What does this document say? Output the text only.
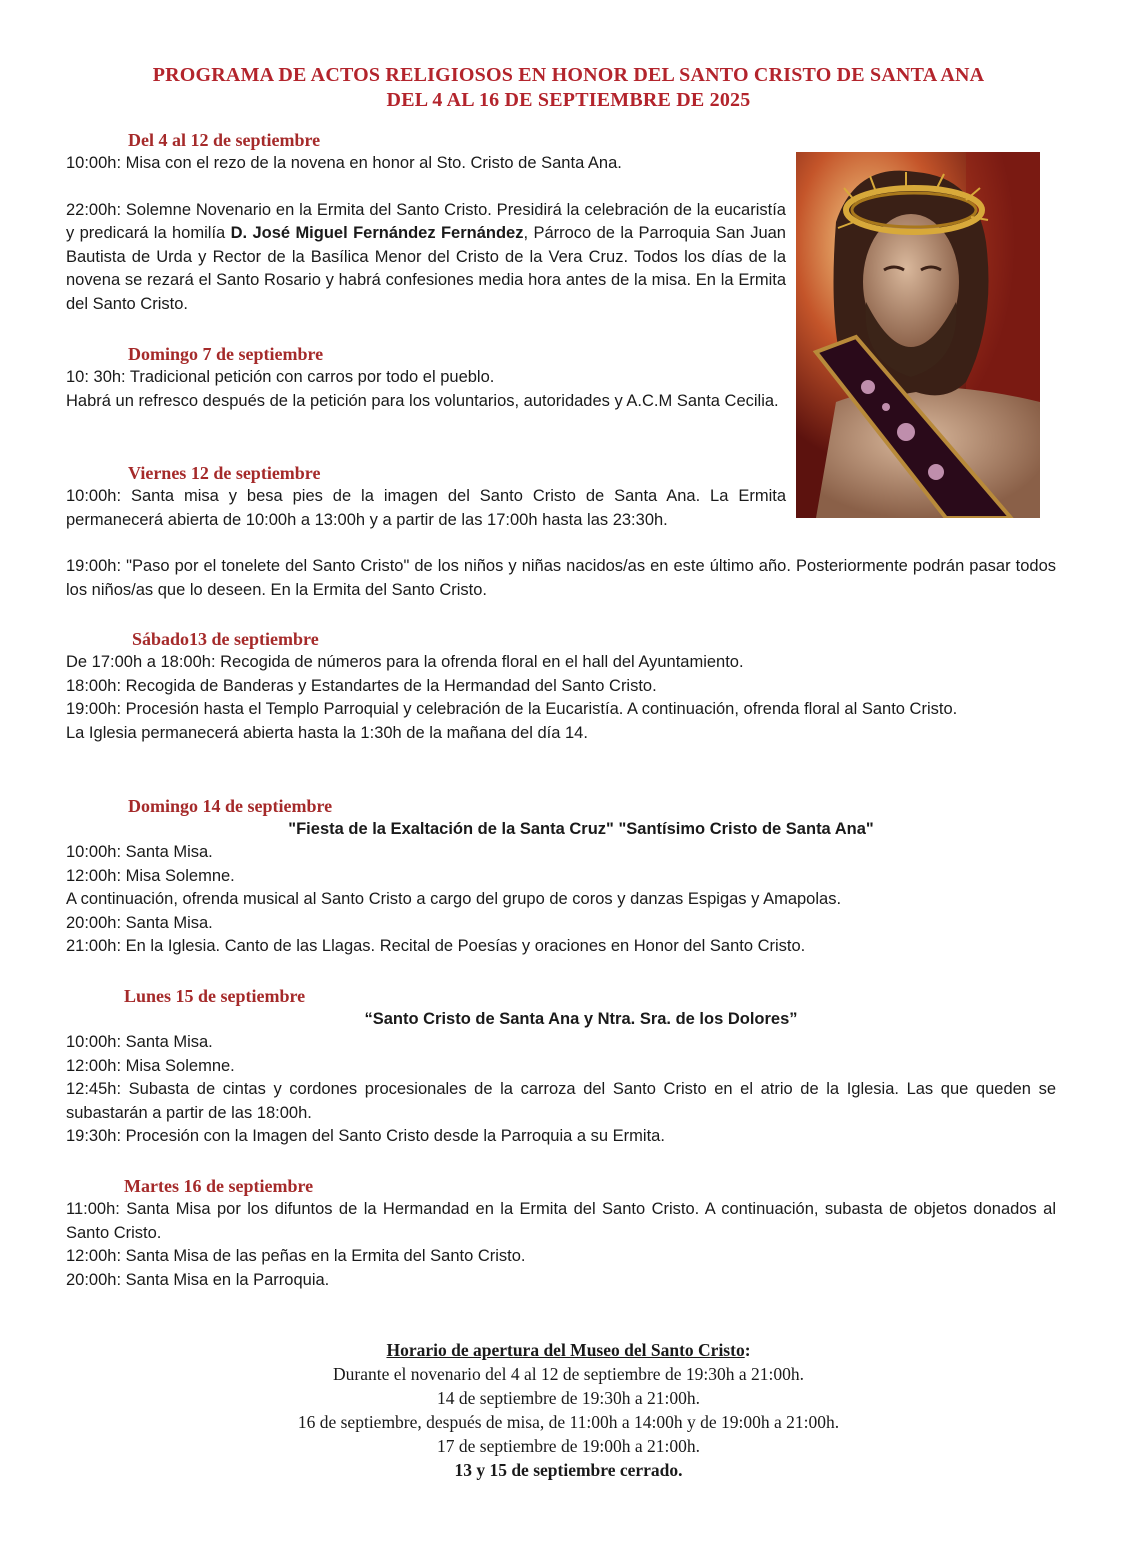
PROGRAMA DE ACTOS RELIGIOSOS EN HONOR DEL SANTO CRISTO DE SANTA ANA
DEL 4 AL 16 DE SEPTIEMBRE DE 2025
Del 4 al 12 de septiembre

10:00h: Misa con el rezo de la novena en honor al Sto. Cristo de Santa Ana.

22:00h: Solemne Novenario en la Ermita del Santo Cristo. Presidirá la celebración de la eucaristía y predicará la homilía D. José Miguel Fernández Fernández, Párroco de la Parroquia San Juan Bautista de Urda y Rector de la Basílica Menor del Cristo de la Vera Cruz. Todos los días de la novena se rezará el Santo Rosario y habrá confesiones media hora antes de la misa. En la Ermita del Santo Cristo.

Domingo 7 de septiembre

10: 30h: Tradicional petición con carros por todo el pueblo.

Habrá un refresco después de la petición para los voluntarios, autoridades y A.C.M Santa Cecilia.

Viernes 12 de septiembre

10:00h: Santa misa y besa pies de la imagen del Santo Cristo de Santa Ana. La Ermita permanecerá abierta de 10:00h a 13:00h y a partir de las 17:00h hasta las 23:30h.

19:00h: "Paso por el tonelete del Santo Cristo" de los niños y niñas nacidos/as en este último año. Posteriormente podrán pasar todos los niños/as que lo deseen. En la Ermita del Santo Cristo.

Sábado13 de septiembre

De 17:00h a 18:00h: Recogida de números para la ofrenda floral en el hall del Ayuntamiento.

18:00h: Recogida de Banderas y Estandartes de la Hermandad del Santo Cristo.

19:00h: Procesión hasta el Templo Parroquial y celebración de la Eucaristía. A continuación, ofrenda floral al Santo Cristo.

La Iglesia permanecerá abierta hasta la 1:30h de la mañana del día 14.

Domingo 14 de septiembre
"Fiesta de la Exaltación de la Santa Cruz" "Santísimo Cristo de Santa Ana"

10:00h: Santa Misa.

12:00h: Misa Solemne.

A continuación, ofrenda musical al Santo Cristo a cargo del grupo de coros y danzas Espigas y Amapolas.

20:00h: Santa Misa.

21:00h: En la Iglesia. Canto de las Llagas. Recital de Poesías y oraciones en Honor del Santo Cristo.

Lunes 15 de septiembre
“Santo Cristo de Santa Ana y Ntra. Sra. de los Dolores”

10:00h: Santa Misa.

12:00h: Misa Solemne.

12:45h: Subasta de cintas y cordones procesionales de la carroza del Santo Cristo en el atrio de la Iglesia. Las que queden se subastarán a partir de las 18:00h.

19:30h: Procesión con la Imagen del Santo Cristo desde la Parroquia a su Ermita.

Martes 16 de septiembre

11:00h: Santa Misa por los difuntos de la Hermandad en la Ermita del Santo Cristo. A continuación, subasta de objetos donados al Santo Cristo.

12:00h: Santa Misa de las peñas en la Ermita del Santo Cristo.

20:00h: Santa Misa en la Parroquia.

Horario de apertura del Museo del Santo Cristo:
Durante el novenario del 4 al 12 de septiembre de 19:30h a 21:00h.
14 de septiembre de 19:30h a 21:00h.
16 de septiembre, después de misa, de 11:00h a 14:00h y de 19:00h a 21:00h.
17 de septiembre de 19:00h a 21:00h.
13 y 15 de septiembre cerrado.
